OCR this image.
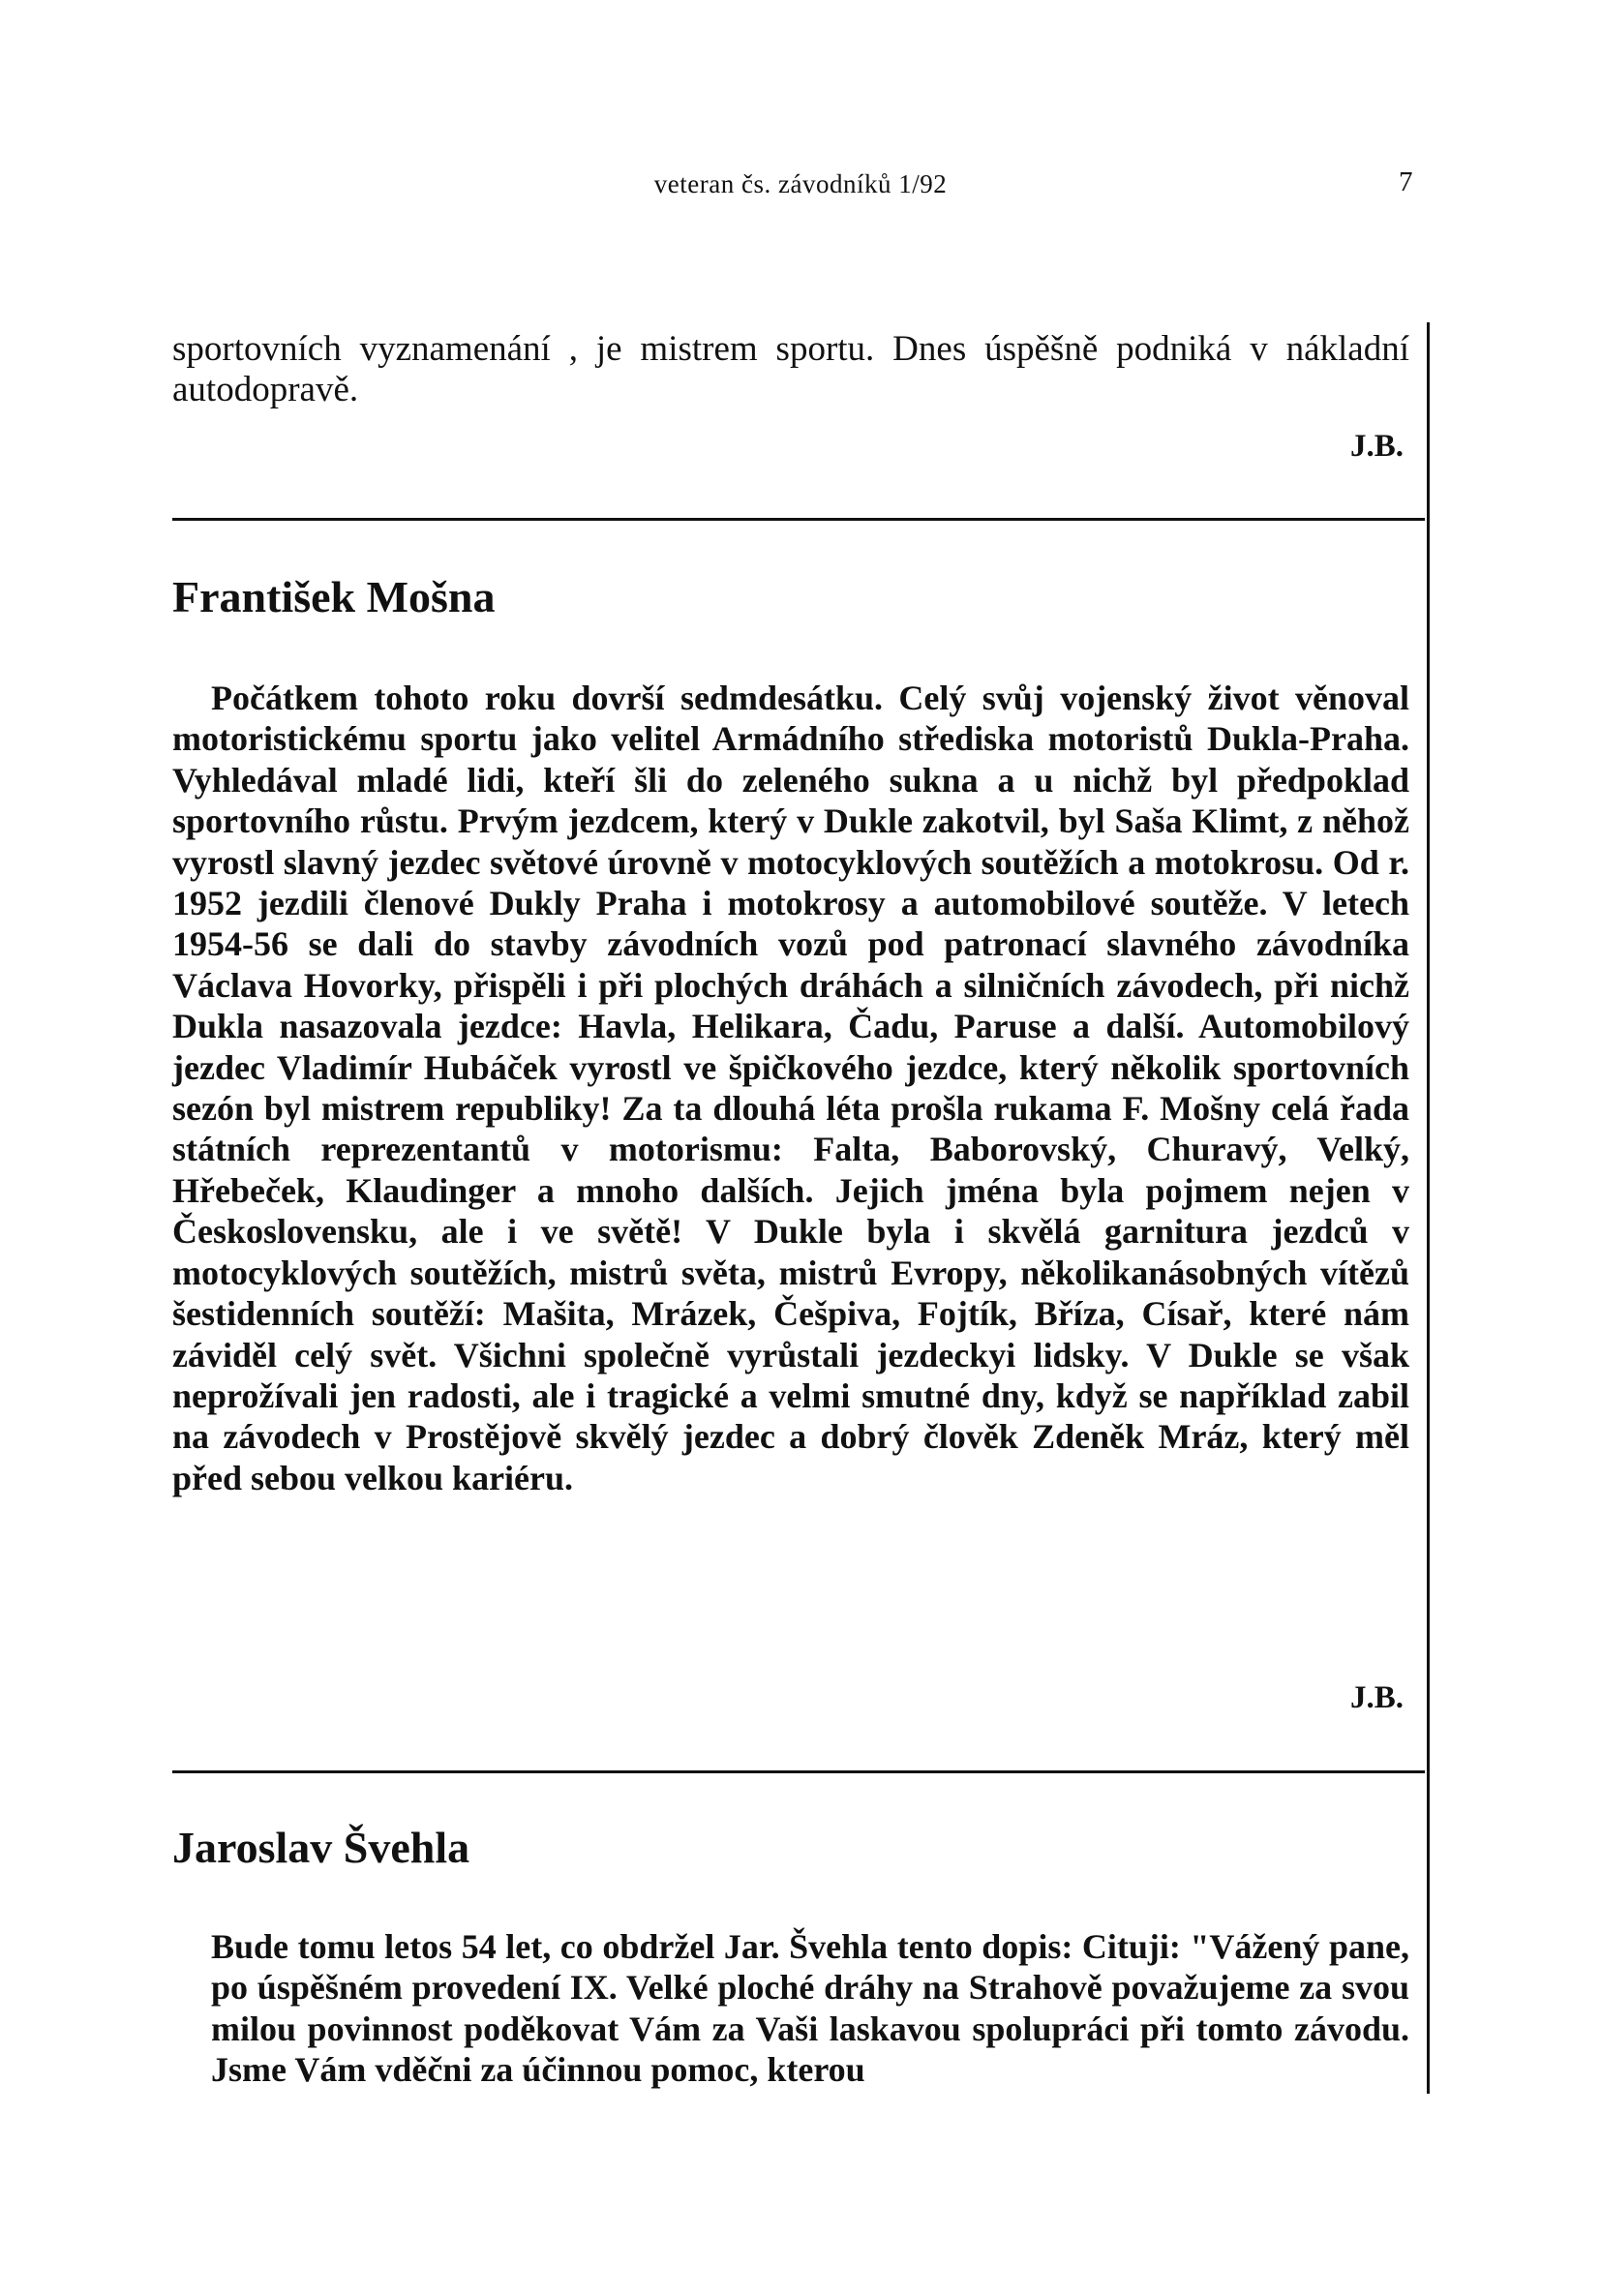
veteran čs. závodníků 1/92	7

sportovních vyznamenání , je mistrem sportu. Dnes úspěšně podniká v nákladní autodopravě.

J.B.
František Mošna

Počátkem tohoto roku dovrší sedmdesátku. Celý svůj vojenský život věnoval motoristickému sportu jako velitel Armádního střediska motoristů Dukla-Praha. Vyhledával mladé lidi, kteří šli do zeleného sukna a u nichž byl předpoklad sportovního růstu. Prvým jezdcem, který v Dukle zakotvil, byl Saša Klimt, z něhož vyrostl slavný jezdec světové úrovně v motocyklových soutěžích a motokrosu. Od r. 1952 jezdili členové Dukly Praha i motokrosy a automobilové soutěže. V letech 1954-56 se dali do stavby závodních vozů pod patronací slavného závodníka Václava Hovorky, přispěli i při plochých dráhách a silničních závodech, při nichž Dukla nasazovala jezdce: Havla, Helikara, Čadu, Paruse a další. Automobilový jezdec Vladimír Hubáček vyrostl ve špičkového jezdce, který několik sportovních sezón byl mistrem republiky! Za ta dlouhá léta prošla rukama F. Mošny celá řada státních reprezentantů v motorismu: Falta, Baborovský, Churavý, Velký, Hřebeček, Klaudinger a mnoho dalších. Jejich jména byla pojmem nejen v Československu, ale i ve světě! V Dukle byla i skvělá garnitura jezdců v motocyklových soutěžích, mistrů světa, mistrů Evropy, několikanásobných vítězů šestidenních soutěží: Mašita, Mrázek, Češpiva, Fojtík, Bříza, Císař, které nám záviděl celý svět. Všichni společně vyrůstali jezdeckyi lidsky. V Dukle se však neprožívali jen radosti, ale i tragické a velmi smutné dny, když se například zabil na závodech v Prostějově skvělý jezdec a dobrý člověk Zdeněk Mráz, který měl před sebou velkou kariéru.

J.B.
Jaroslav Švehla

Bude tomu letos 54 let, co obdržel Jar. Švehla tento dopis: Cituji: "Vážený pane, po úspěšném provedení IX. Velké ploché dráhy na Strahově považujeme za svou milou povinnost poděkovat Vám za Vaši laskavou spolupráci při tomto závodu. Jsme Vám vděčni za účinnou pomoc, kterou
